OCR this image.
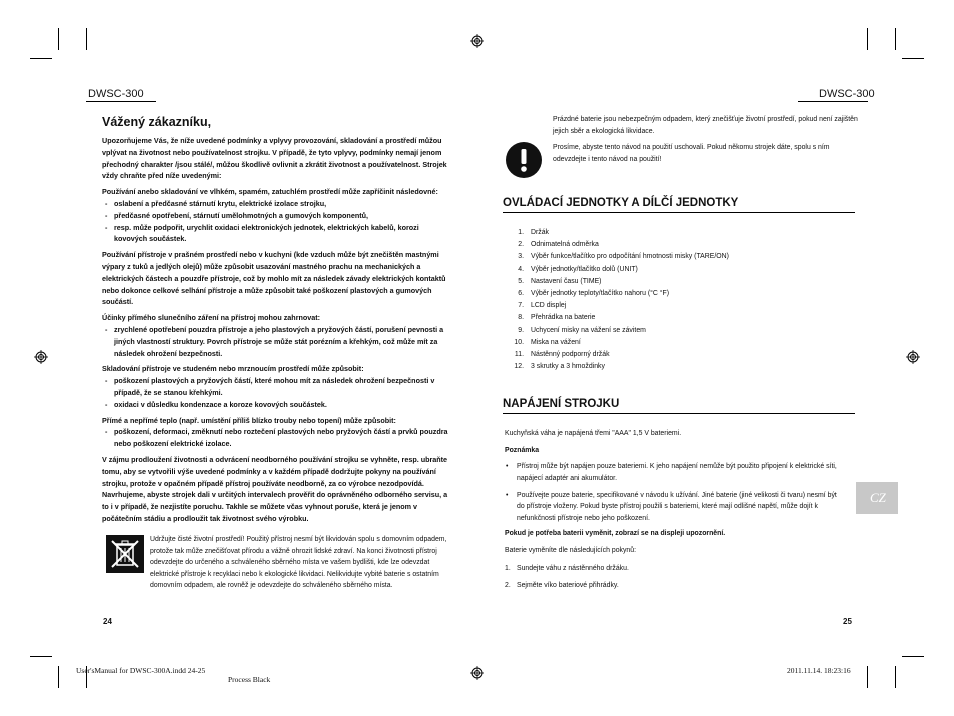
DWSC-300	DWSC-300
Vážený zákazníku,
Upozorňujeme Vás, že níže uvedené podmínky a vplyvy provozování, skladování a prostředí můžou vplývat na životnost nebo používatelnost strojku. V případě, že tyto vplyvy, podmínky nemají jenom přechodný charakter /jsou stálé/, můžou škodlivě ovlivnit a zkrátit životnost a používatelnost. Strojek vždy chraňte před níže uvedenými:
Používání anebo skladování ve vlhkém, spamém, zatuchlém prostředí může zapříčinit následovné:
- oslabení a předčasné stárnutí krytu, elektrické izolace strojku,
- předčasné opotřebení, stárnutí umělohmotných a gumových komponentů,
- resp. může podpořit, urychlit oxidaci elektronických jednotek, elektrických kabelů, korozi kovových součástek.
Používání přístroje v prašném prostředí nebo v kuchyni (kde vzduch může být znečištěn mastnými výpary z tuků a jedlých olejů) může způsobit usazování mastného prachu na mechanických a elektrických částech a pouzdře přístroje, což by mohlo mít za následek závady elektrických kontaktů nebo dokonce celkové selhání přístroje a může způsobit také poškození plastových a gumových součástí.
Účinky přímého slunečního záření na přístroj mohou zahrnovat:
- zrychlené opotřebení pouzdra přístroje a jeho plastových a pryžových částí, porušení pevnosti a jiných vlastností struktury. Povrch přístroje se může stát porézním a křehkým, což může mít za následek ohrožení bezpečnosti.
Skladování přístroje ve studeném nebo mrznoucím prostředí může způsobit:
- poškození plastových a pryžových částí, které mohou mít za následek ohrožení bezpečnosti v případě, že se stanou křehkými.
- oxidaci v důsledku kondenzace a koroze kovových součástek.
Přímé a nepřímé teplo (např. umístění příliš blízko trouby nebo topení) může způsobit:
- poškození, deformaci, změknutí nebo roztečení plastových nebo pryžových částí a prvků pouzdra nebo poškození elektrické izolace.
V zájmu prodloužení životnosti a odvrácení neodborného používání strojku se vyhněte, resp. ubraňte tomu, aby se vytvořili výše uvedené podmínky a v každém případě dodržujte pokyny na používání strojku, protože v opačném případě přístroj používáte neodborně, za co výrobce nezodpovídá. Navrhujeme, abyste strojek dali v určitých intervalech prověřit do oprávněného odborného servisu, a to i v případě, že nezjistíte poruchu. Takhle se můžete včas vyhnout poruše, která je jenom v počátečním stádiu a prodloužit tak životnost svého výrobku.
Udržujte čisté životní prostředí! Použitý přístroj nesmí být likvidován spolu s domovním odpadem, protože tak může znečišťovat přírodu a vážně ohrozit lidské zdraví. Na konci životnosti přístroj odevzdejte do určeného a schváleného sběrného místa ve vašem bydlišti, kde lze odevzdat elektrické přístroje k recyklaci nebo k ekologické likvidaci. Nelikvidujte vybité baterie s ostatním domovním odpadem, ale rovněž je odevzdejte do schváleného sběrného místa.
24
Prázdné baterie jsou nebezpečným odpadem, který znečišťuje životní prostředí, pokud není zajištěn jejich sběr a ekologická likvidace.
Prosíme, abyste tento návod na použití uschovali. Pokud někomu strojek dáte, spolu s ním odevzdejte i tento návod na použití!
OVLÁDACÍ JEDNOTKY A DÍLČÍ JEDNOTKY
1. Držák
2. Odnimatelná odměrka
3. Výběr funkce/tlačítko pro odpočítání hmotnosti misky (TARE/ON)
4. Výběr jednotky/tlačítko dolů (UNIT)
5. Nastavení času (TIME)
6. Výběr jednotky teploty/tlačítko nahoru (°C °F)
7. LCD displej
8. Přehrádka na baterie
9. Uchycení misky na vážení se závitem
10. Miska na vážení
11. Nástěnný podporný držák
12. 3 skrutky a 3 hmoždinky
NAPÁJENÍ STROJKU
Kuchyňská váha je napájená třemi "AAA" 1,5 V bateriemi.
Poznámka
• Přístroj může být napájen pouze bateriemi. K jeho napájení nemůže být použito připojení k elektrické síti, napájecí adaptér ani akumulátor.
• Používejte pouze baterie, specifikované v návodu k užívání. Jiné baterie (jiné velikosti či tvaru) nesmí být do přístroje vloženy. Pokud byste přístroj použili s bateriemi, které mají odlišné napětí, může dojít k nefunkčnosti přístroje nebo jeho poškození.
Pokud je potřeba baterii vyměnit, zobrazí se na displeji upozornění.
Baterie vyměníte dle následujících pokynů:
1. Sundejte váhu z nástěnného držáku.
2. Sejměte víko bateriové přihrádky.
CZ
25
User'sManual for DWSC-300A.indd 24-25
Process Black
2011.11.14. 18:23:16
